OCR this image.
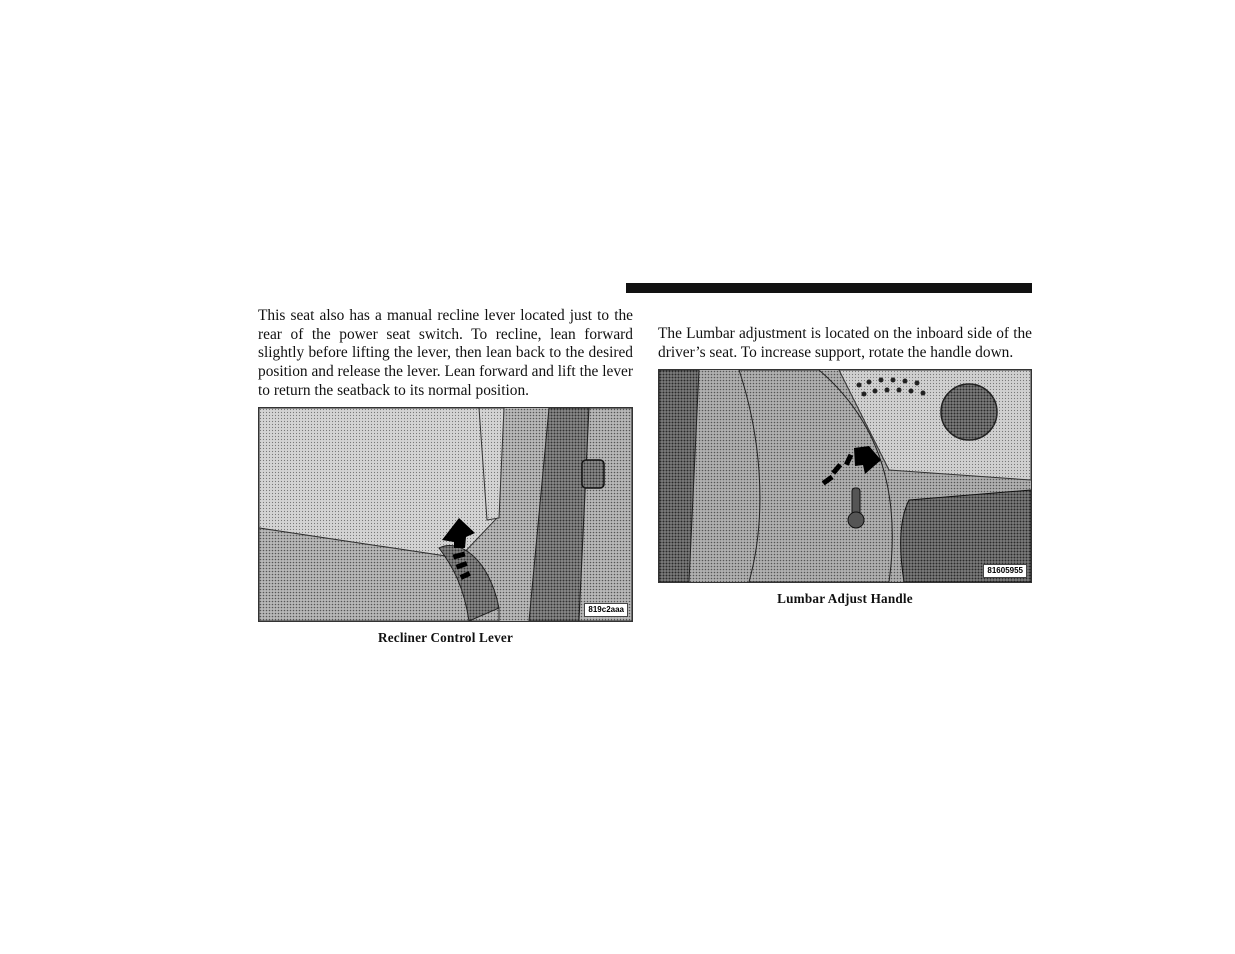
This seat also has a manual recline lever located just to the rear of the power seat switch. To recline, lean forward slightly before lifting the lever, then lean back to the desired position and release the lever. Lean forward and lift the lever to return the seatback to its normal position.

819c2aaa
Recliner Control Lever

The Lumbar adjustment is located on the inboard side of the driver’s seat. To increase support, rotate the handle down.

81605955
Lumbar Adjust Handle
